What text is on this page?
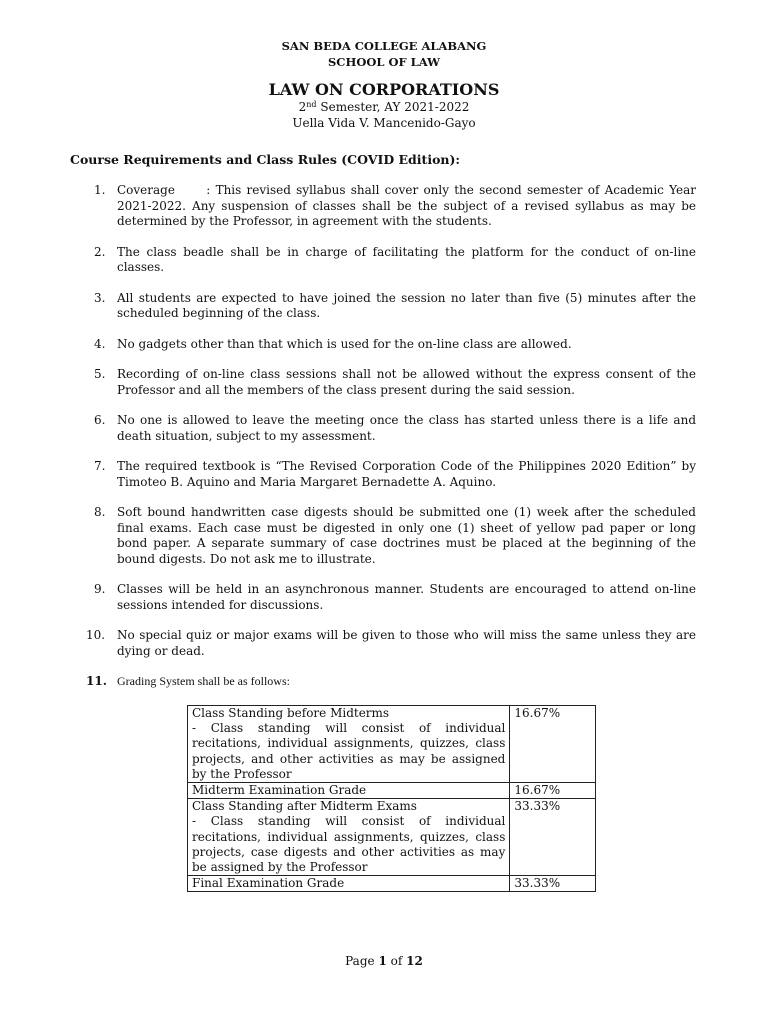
SAN BEDA COLLEGE ALABANG
SCHOOL OF LAW
LAW ON CORPORATIONS
2nd Semester, AY 2021-2022
Uella Vida V. Mancenido-Gayo
Course Requirements and Class Rules (COVID Edition):
1. Coverage      : This revised syllabus shall cover only the second semester of Academic Year 2021-2022. Any suspension of classes shall be the subject of a revised syllabus as may be determined by the Professor, in agreement with the students.
2. The class beadle shall be in charge of facilitating the platform for the conduct of on-line classes.
3. All students are expected to have joined the session no later than five (5) minutes after the scheduled beginning of the class.
4. No gadgets other than that which is used for the on-line class are allowed.
5. Recording of on-line class sessions shall not be allowed without the express consent of the Professor and all the members of the class present during the said session.
6. No one is allowed to leave the meeting once the class has started unless there is a life and death situation, subject to my assessment.
7. The required textbook is “The Revised Corporation Code of the Philippines 2020 Edition” by Timoteo B. Aquino and Maria Margaret Bernadette A. Aquino.
8. Soft bound handwritten case digests should be submitted one (1) week after the scheduled final exams. Each case must be digested in only one (1) sheet of yellow pad paper or long bond paper. A separate summary of case doctrines must be placed at the beginning of the bound digests. Do not ask me to illustrate.
9. Classes will be held in an asynchronous manner. Students are encouraged to attend on-line sessions intended for discussions.
10. No special quiz or major exams will be given to those who will miss the same unless they are dying or dead.
11. Grading System shall be as follows:
Class Standing before Midterms
- Class standing will consist of individual recitations, individual assignments, quizzes, class projects, and other activities as may be assigned by the Professor	16.67%

Midterm Examination Grade	16.67%

Class Standing after Midterm Exams
- Class standing will consist of individual recitations, individual assignments, quizzes, class projects, case digests and other activities as may be assigned by the Professor	33.33%

Final Examination Grade	33.33%
Page 1 of 12
